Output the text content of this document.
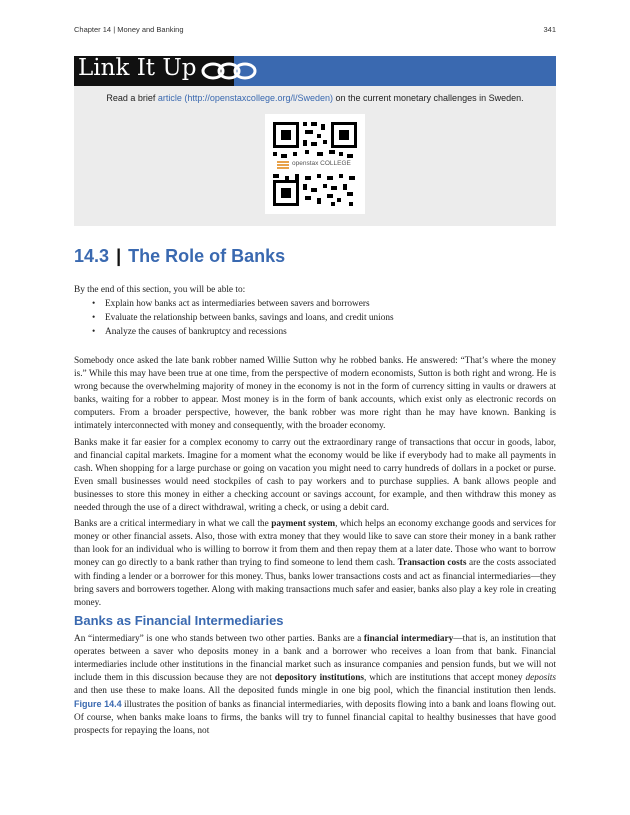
Chapter 14 | Money and Banking	341
Link It Up
Read a brief article (http://openstaxcollege.org/l/Sweden) on the current monetary challenges in Sweden.
openstax COLLEGE
14.3 | The Role of Banks
By the end of this section, you will be able to:
• Explain how banks act as intermediaries between savers and borrowers
• Evaluate the relationship between banks, savings and loans, and credit unions
• Analyze the causes of bankruptcy and recessions

Somebody once asked the late bank robber named Willie Sutton why he robbed banks. He answered: “That’s where the money is.” While this may have been true at one time, from the perspective of modern economists, Sutton is both right and wrong. He is wrong because the overwhelming majority of money in the economy is not in the form of currency sitting in vaults or drawers at banks, waiting for a robber to appear. Most money is in the form of bank accounts, which exist only as electronic records on computers. From a broader perspective, however, the bank robber was more right than he may have known. Banking is intimately interconnected with money and consequently, with the broader economy.

Banks make it far easier for a complex economy to carry out the extraordinary range of transactions that occur in goods, labor, and financial capital markets. Imagine for a moment what the economy would be like if everybody had to make all payments in cash. When shopping for a large purchase or going on vacation you might need to carry hundreds of dollars in a pocket or purse. Even small businesses would need stockpiles of cash to pay workers and to purchase supplies. A bank allows people and businesses to store this money in either a checking account or savings account, for example, and then withdraw this money as needed through the use of a direct withdrawal, writing a check, or using a debit card.

Banks are a critical intermediary in what we call the payment system, which helps an economy exchange goods and services for money or other financial assets. Also, those with extra money that they would like to save can store their money in a bank rather than look for an individual who is willing to borrow it from them and then repay them at a later date. Those who want to borrow money can go directly to a bank rather than trying to find someone to lend them cash. Transaction costs are the costs associated with finding a lender or a borrower for this money. Thus, banks lower transactions costs and act as financial intermediaries—they bring savers and borrowers together. Along with making transactions much safer and easier, banks also play a key role in creating money.

Banks as Financial Intermediaries

An “intermediary” is one who stands between two other parties. Banks are a financial intermediary—that is, an institution that operates between a saver who deposits money in a bank and a borrower who receives a loan from that bank. Financial intermediaries include other institutions in the financial market such as insurance companies and pension funds, but we will not include them in this discussion because they are not depository institutions, which are institutions that accept money deposits and then use these to make loans. All the deposited funds mingle in one big pool, which the financial institution then lends. Figure 14.4 illustrates the position of banks as financial intermediaries, with deposits flowing into a bank and loans flowing out. Of course, when banks make loans to firms, the banks will try to funnel financial capital to healthy businesses that have good prospects for repaying the loans, not
